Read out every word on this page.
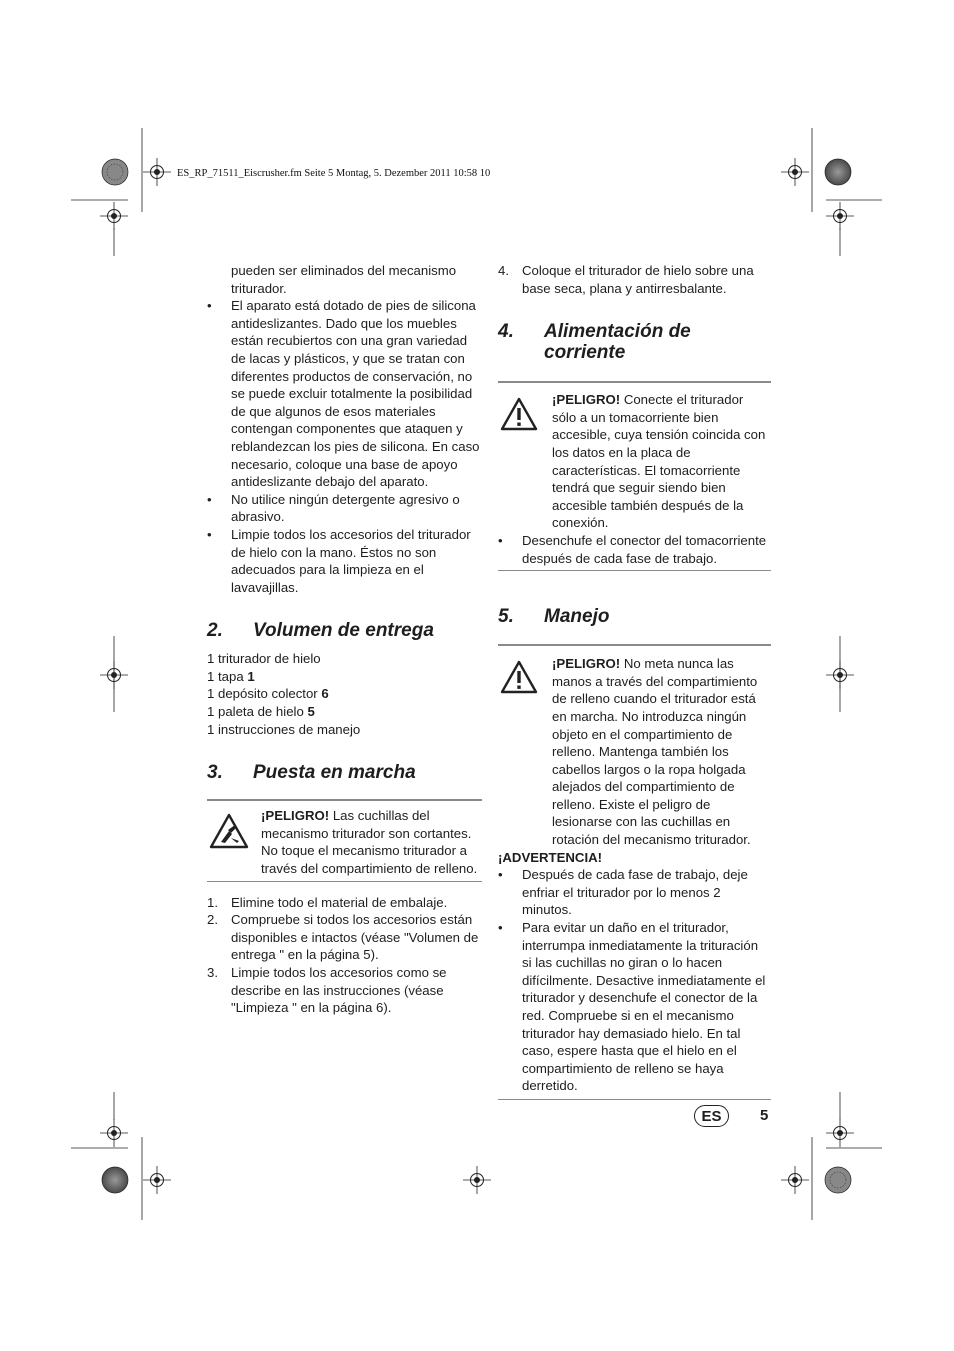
ES_RP_71511_Eiscrusher.fm Seite 5 Montag, 5. Dezember 2011 10:58 10

pueden ser eliminados del mecanismo triturador.

• El aparato está dotado de pies de silicona antideslizantes. Dado que los muebles están recubiertos con una gran variedad de lacas y plásticos, y que se tratan con diferentes productos de conservación, no se puede excluir totalmente la posibilidad de que algunos de esos materiales contengan componentes que ataquen y reblandezcan los pies de silicona. En caso necesario, coloque una base de apoyo antideslizante debajo del aparato.
• No utilice ningún detergente agresivo o abrasivo.
• Limpie todos los accesorios del triturador de hielo con la mano. Éstos no son adecuados para la limpieza en el lavavajillas.
2.	Volumen de entrega
1 triturador de hielo
1 tapa 1
1 depósito colector 6
1 paleta de hielo 5
1 instrucciones de manejo
3.	Puesta en marcha
¡PELIGRO! Las cuchillas del mecanismo triturador son cortantes. No toque el mecanismo triturador a través del compartimiento de relleno.
1. Elimine todo el material de embalaje.
2. Compruebe si todos los accesorios están disponibles e intactos (véase "Volumen de entrega " en la página 5).
3. Limpie todos los accesorios como se describe en las instrucciones (véase "Limpieza " en la página 6).
4. Coloque el triturador de hielo sobre una base seca, plana y antirresbalante.
4.	Alimentación de corriente
¡PELIGRO! Conecte el triturador sólo a un tomacorriente bien accesible, cuya tensión coincida con los datos en la placa de características. El tomacorriente tendrá que seguir siendo bien accesible también después de la conexión.
• Desenchufe el conector del tomacorriente después de cada fase de trabajo.
5.	Manejo
¡PELIGRO! No meta nunca las manos a través del compartimiento de relleno cuando el triturador está en marcha. No introduzca ningún objeto en el compartimiento de relleno. Mantenga también los cabellos largos o la ropa holgada alejados del compartimiento de relleno. Existe el peligro de lesionarse con las cuchillas en rotación del mecanismo triturador.
¡ADVERTENCIA!
• Después de cada fase de trabajo, deje enfriar el triturador por lo menos 2 minutos.
• Para evitar un daño en el triturador, interrumpa inmediatamente la trituración si las cuchillas no giran o lo hacen difícilmente. Desactive inmediatamente el triturador y desenchufe el conector de la red. Compruebe si en el mecanismo triturador hay demasiado hielo. En tal caso, espere hasta que el hielo en el compartimiento de relleno se haya derretido.
ES	5
